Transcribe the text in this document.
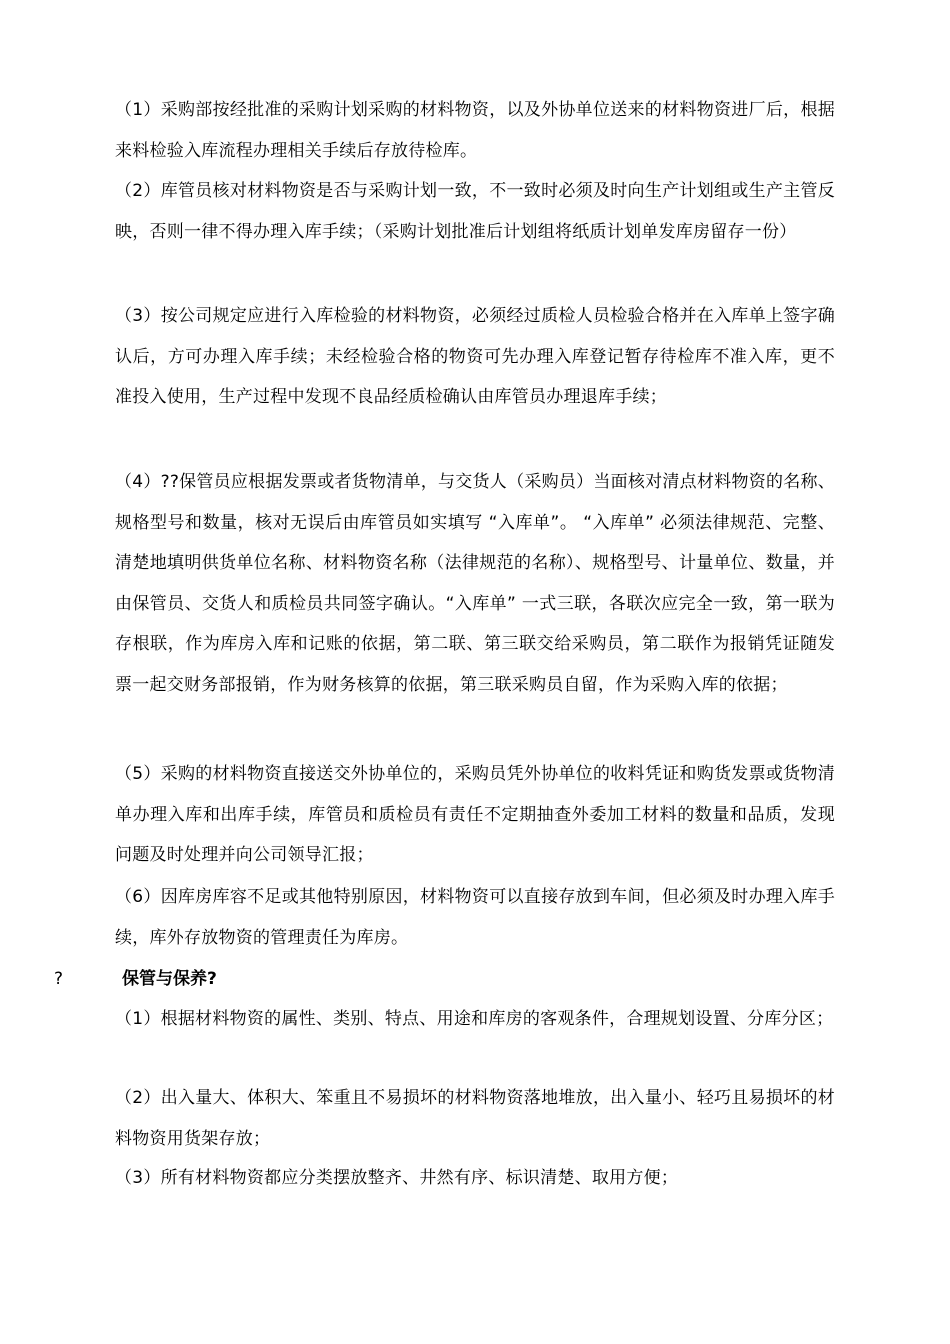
（1）采购部按经批准的采购计划采购的材料物资，以及外协单位送来的材料物资进厂后，根据来料检验入库流程办理相关手续后存放待检库。

（2）库管员核对材料物资是否与采购计划一致，不一致时必须及时向生产计划组或生产主管反映，否则一律不得办理入库手续；（采购计划批准后计划组将纸质计划单发库房留存一份）

（3）按公司规定应进行入库检验的材料物资，必须经过质检人员检验合格并在入库单上签字确认后，方可办理入库手续；未经检验合格的物资可先办理入库登记暂存待检库不准入库，更不准投入使用，生产过程中发现不良品经质检确认由库管员办理退库手续；

（4）??保管员应根据发票或者货物清单，与交货人（采购员）当面核对清点材料物资的名称、规格型号和数量，核对无误后由库管员如实填写 “入库单”。 “入库单” 必须法律规范、完整、清楚地填明供货单位名称、材料物资名称（法律规范的名称）、规格型号、计量单位、数量，并由保管员、交货人和质检员共同签字确认。“入库单” 一式三联，各联次应完全一致，第一联为存根联，作为库房入库和记账的依据，第二联、第三联交给采购员，第二联作为报销凭证随发票一起交财务部报销，作为财务核算的依据，第三联采购员自留，作为采购入库的依据；

（5）采购的材料物资直接送交外协单位的，采购员凭外协单位的收料凭证和购货发票或货物清单办理入库和出库手续，库管员和质检员有责任不定期抽查外委加工材料的数量和品质，发现问题及时处理并向公司领导汇报；

（6）因库房库容不足或其他特别原因，材料物资可以直接存放到车间，但必须及时办理入库手续，库外存放物资的管理责任为库房。

?	保管与保养?

（1）根据材料物资的属性、类别、特点、用途和库房的客观条件，合理规划设置、分库分区；

（2）出入量大、体积大、笨重且不易损坏的材料物资落地堆放，出入量小、轻巧且易损坏的材料物资用货架存放；

（3）所有材料物资都应分类摆放整齐、井然有序、标识清楚、取用方便；
